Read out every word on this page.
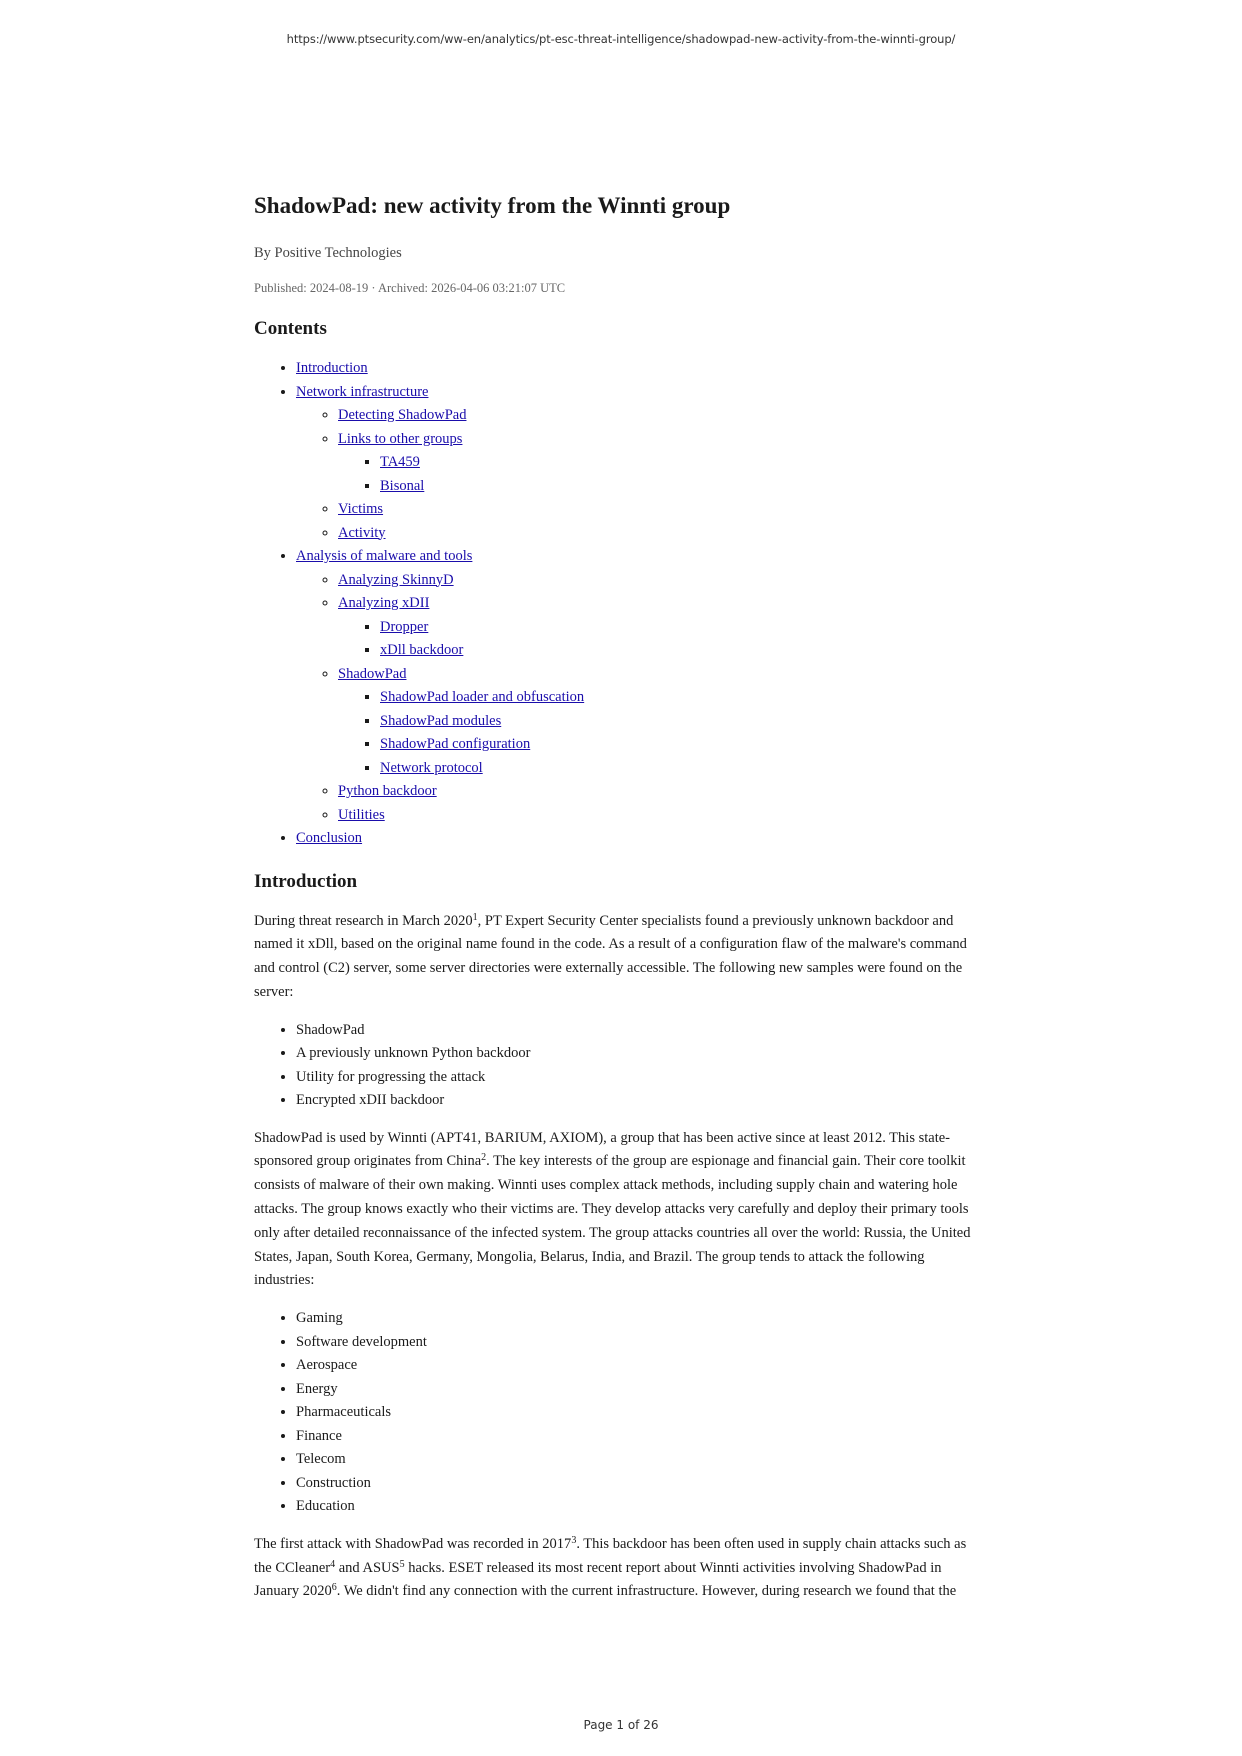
https://www.ptsecurity.com/ww-en/analytics/pt-esc-threat-intelligence/shadowpad-new-activity-from-the-winnti-group/
ShadowPad: new activity from the Winnti group
By Positive Technologies
Published: 2024-08-19 · Archived: 2026-04-06 03:21:07 UTC
Contents
• Introduction
• Network infrastructure
◦ Detecting ShadowPad
◦ Links to other groups
▪ TA459
▪ Bisonal
◦ Victims
◦ Activity
• Analysis of malware and tools
◦ Analyzing SkinnyD
◦ Analyzing xDII
▪ Dropper
▪ xDll backdoor
◦ ShadowPad
▪ ShadowPad loader and obfuscation
▪ ShadowPad modules
▪ ShadowPad configuration
▪ Network protocol
◦ Python backdoor
◦ Utilities
• Conclusion
Introduction

During threat research in March 2020$^1$, PT Expert Security Center specialists found a previously unknown backdoor and named it xDll, based on the original name found in the code. As a result of a configuration flaw of the malware's command and control (C2) server, some server directories were externally accessible. The following new samples were found on the server:

• ShadowPad
• A previously unknown Python backdoor
• Utility for progressing the attack
• Encrypted xDII backdoor

ShadowPad is used by Winnti (APT41, BARIUM, AXIOM), a group that has been active since at least 2012. This state-sponsored group originates from China$^2$. The key interests of the group are espionage and financial gain. Their core toolkit consists of malware of their own making. Winnti uses complex attack methods, including supply chain and watering hole attacks. The group knows exactly who their victims are. They develop attacks very carefully and deploy their primary tools only after detailed reconnaissance of the infected system. The group attacks countries all over the world: Russia, the United States, Japan, South Korea, Germany, Mongolia, Belarus, India, and Brazil. The group tends to attack the following industries:

• Gaming
• Software development
• Aerospace
• Energy
• Pharmaceuticals
• Finance
• Telecom
• Construction
• Education

The first attack with ShadowPad was recorded in 2017$^3$. This backdoor has been often used in supply chain attacks such as the CCleaner$^4$ and ASUS$^5$ hacks. ESET released its most recent report about Winnti activities involving ShadowPad in January 2020$^6$. We didn't find any connection with the current infrastructure. However, during research we found that the

Page 1 of 26
